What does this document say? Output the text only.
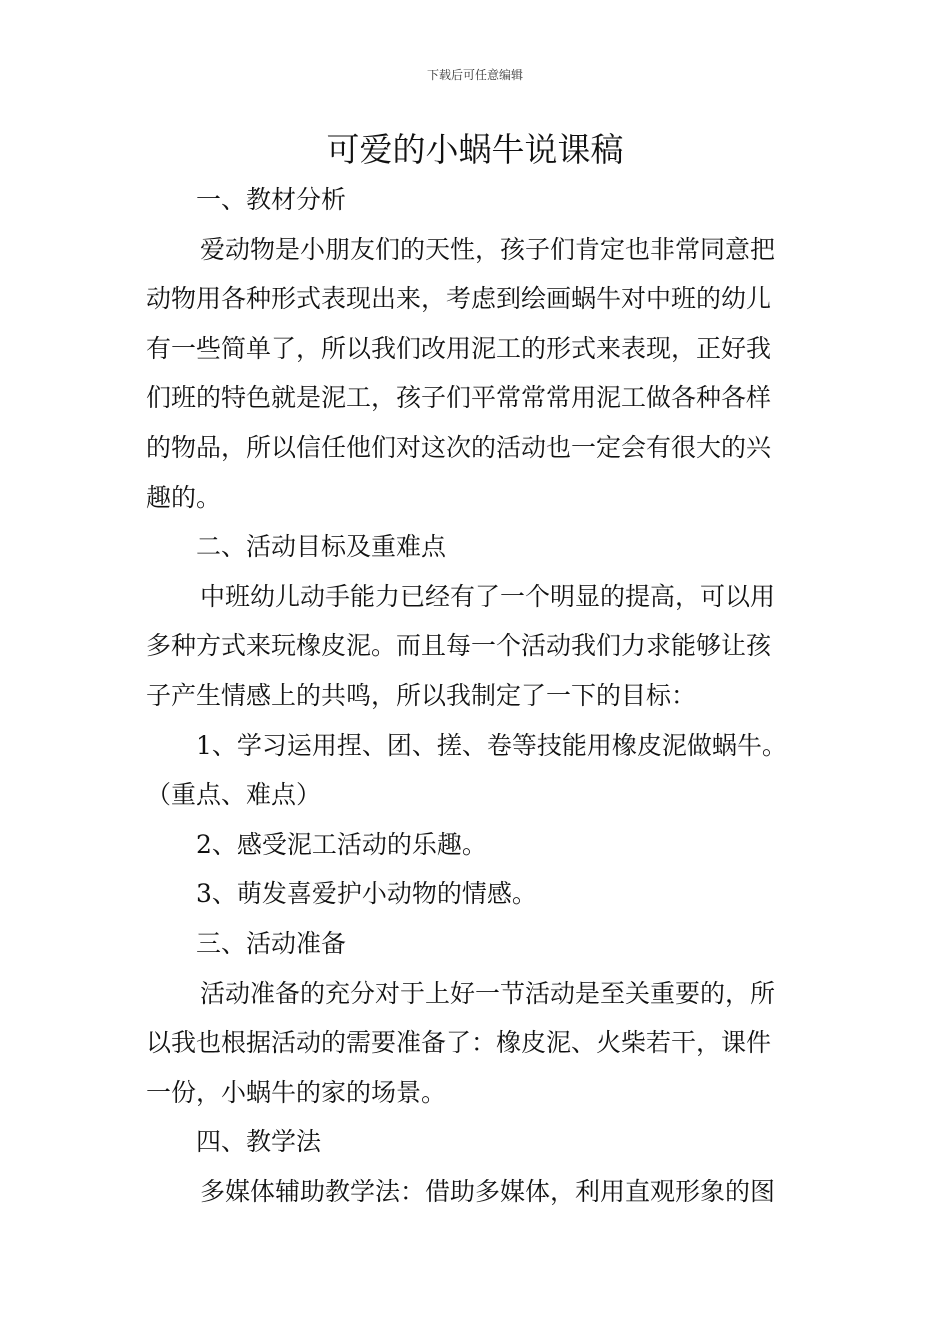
下载后可任意编辑
可爱的小蜗牛说课稿
一、教材分析
爱动物是小朋友们的天性，孩子们肯定也非常同意把
动物用各种形式表现出来，考虑到绘画蜗牛对中班的幼儿
有一些简单了，所以我们改用泥工的形式来表现，正好我
们班的特色就是泥工，孩子们平常常常用泥工做各种各样
的物品，所以信任他们对这次的活动也一定会有很大的兴
趣的。
二、活动目标及重难点
中班幼儿动手能力已经有了一个明显的提高，可以用
多种方式来玩橡皮泥。而且每一个活动我们力求能够让孩
子产生情感上的共鸣，所以我制定了一下的目标：
1、学习运用捏、团、搓、卷等技能用橡皮泥做蜗牛。
（重点、难点）
2、感受泥工活动的乐趣。
3、萌发喜爱护小动物的情感。
三、活动准备
活动准备的充分对于上好一节活动是至关重要的，所
以我也根据活动的需要准备了：橡皮泥、火柴若干，课件
一份，小蜗牛的家的场景。
四、教学法
多媒体辅助教学法：借助多媒体，利用直观形象的图
